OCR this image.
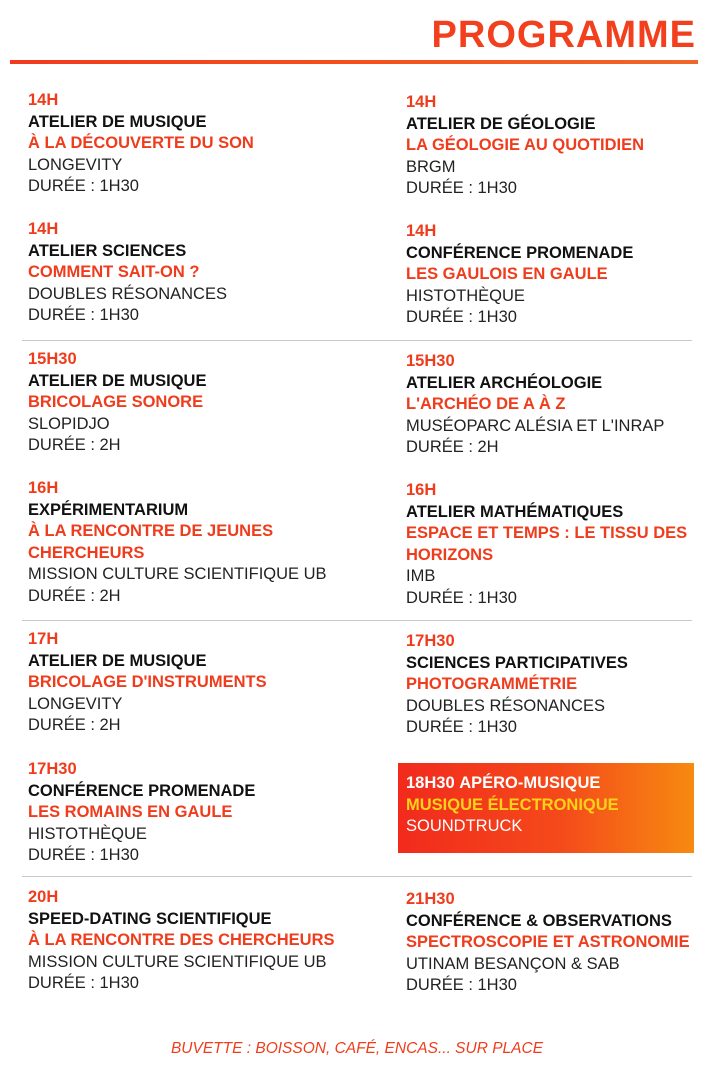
PROGRAMME
14H
ATELIER DE MUSIQUE
À LA DÉCOUVERTE DU SON
LONGEVITY
DURÉE : 1H30
14H
ATELIER DE GÉOLOGIE
LA GÉOLOGIE AU QUOTIDIEN
BRGM
DURÉE : 1H30
14H
ATELIER SCIENCES
COMMENT SAIT-ON ?
DOUBLES RÉSONANCES
DURÉE : 1H30
14H
CONFÉRENCE PROMENADE
LES GAULOIS EN GAULE
HISTOTHÈQUE
DURÉE : 1H30
15H30
ATELIER DE MUSIQUE
BRICOLAGE SONORE
SLOPIDJO
DURÉE : 2H
15H30
ATELIER ARCHÉOLOGIE
L'ARCHÉO DE A À Z
MUSÉOPARC ALÉSIA ET L'INRAP
DURÉE : 2H
16H
EXPÉRIMENTARIUM
À LA RENCONTRE DE JEUNES CHERCHEURS
MISSION CULTURE SCIENTIFIQUE UB
DURÉE : 2H
16H
ATELIER MATHÉMATIQUES
ESPACE ET TEMPS : LE TISSU DES HORIZONS
IMB
DURÉE : 1H30
17H
ATELIER DE MUSIQUE
BRICOLAGE D'INSTRUMENTS
LONGEVITY
DURÉE : 2H
17H30
SCIENCES PARTICIPATIVES
PHOTOGRAMMÉTRIE
DOUBLES RÉSONANCES
DURÉE : 1H30
17H30
CONFÉRENCE PROMENADE
LES ROMAINS EN GAULE
HISTOTHÈQUE
DURÉE : 1H30
18H30 APÉRO-MUSIQUE
MUSIQUE ÉLECTRONIQUE
SOUNDTRUCK
20H
SPEED-DATING SCIENTIFIQUE
À LA RENCONTRE DES CHERCHEURS
MISSION CULTURE SCIENTIFIQUE UB
DURÉE : 1H30
21H30
CONFÉRENCE & OBSERVATIONS
SPECTROSCOPIE ET ASTRONOMIE
UTINAM BESANÇON & SAB
DURÉE : 1H30
BUVETTE : BOISSON, CAFÉ, ENCAS... SUR PLACE
